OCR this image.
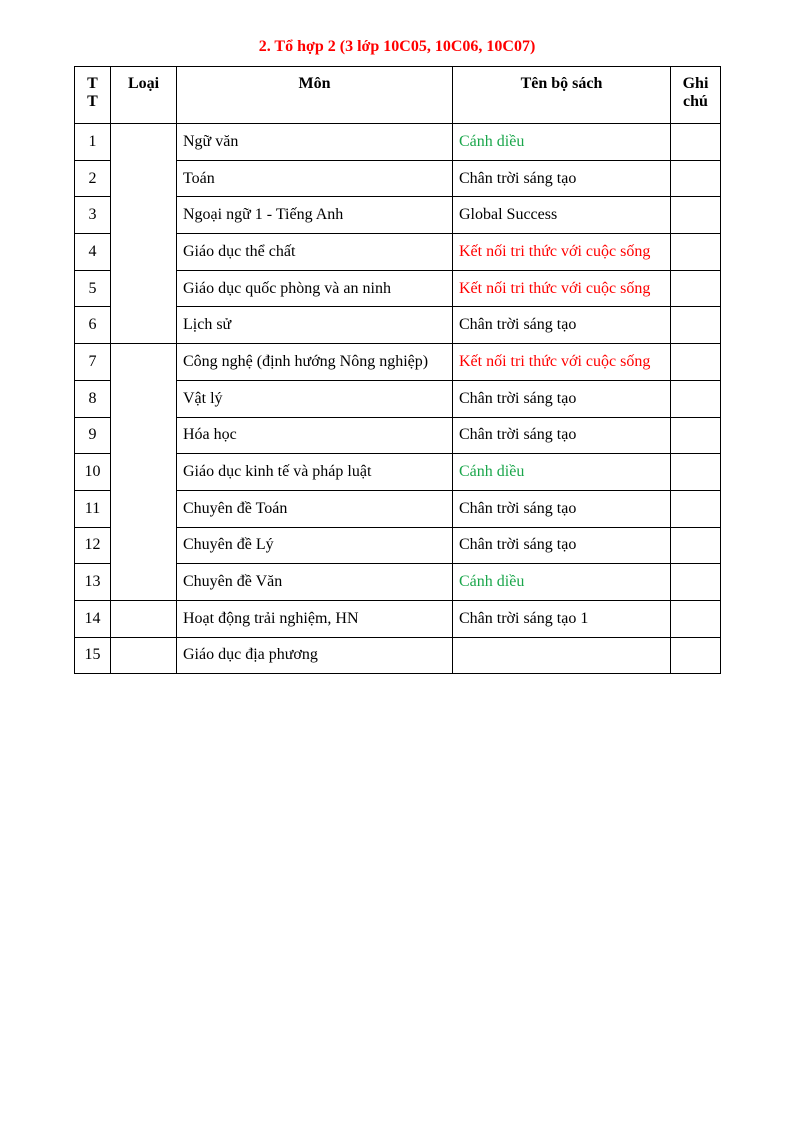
2. Tổ hợp 2 (3 lớp 10C05, 10C06, 10C07)
T
T	Loại	Môn	Tên bộ sách	Ghi
chú
1		Ngữ văn	Cánh diều	
2		Toán	Chân trời sáng tạo	
3		Ngoại ngữ 1 - Tiếng Anh	Global Success	
4		Giáo dục thể chất	Kết nối tri thức với cuộc sống	
5		Giáo dục quốc phòng và an ninh	Kết nối tri thức với cuộc sống	
6		Lịch sử	Chân trời sáng tạo	
7		Công nghệ (định hướng Nông nghiệp)	Kết nối tri thức với cuộc sống	
8		Vật lý	Chân trời sáng tạo	
9		Hóa học	Chân trời sáng tạo	
10		Giáo dục kinh tế và pháp luật	Cánh diều	
11		Chuyên đề Toán	Chân trời sáng tạo	
12		Chuyên đề Lý	Chân trời sáng tạo	
13		Chuyên đề Văn	Cánh diều	
14		Hoạt động trải nghiệm, HN	Chân trời sáng tạo 1	
15		Giáo dục địa phương		
